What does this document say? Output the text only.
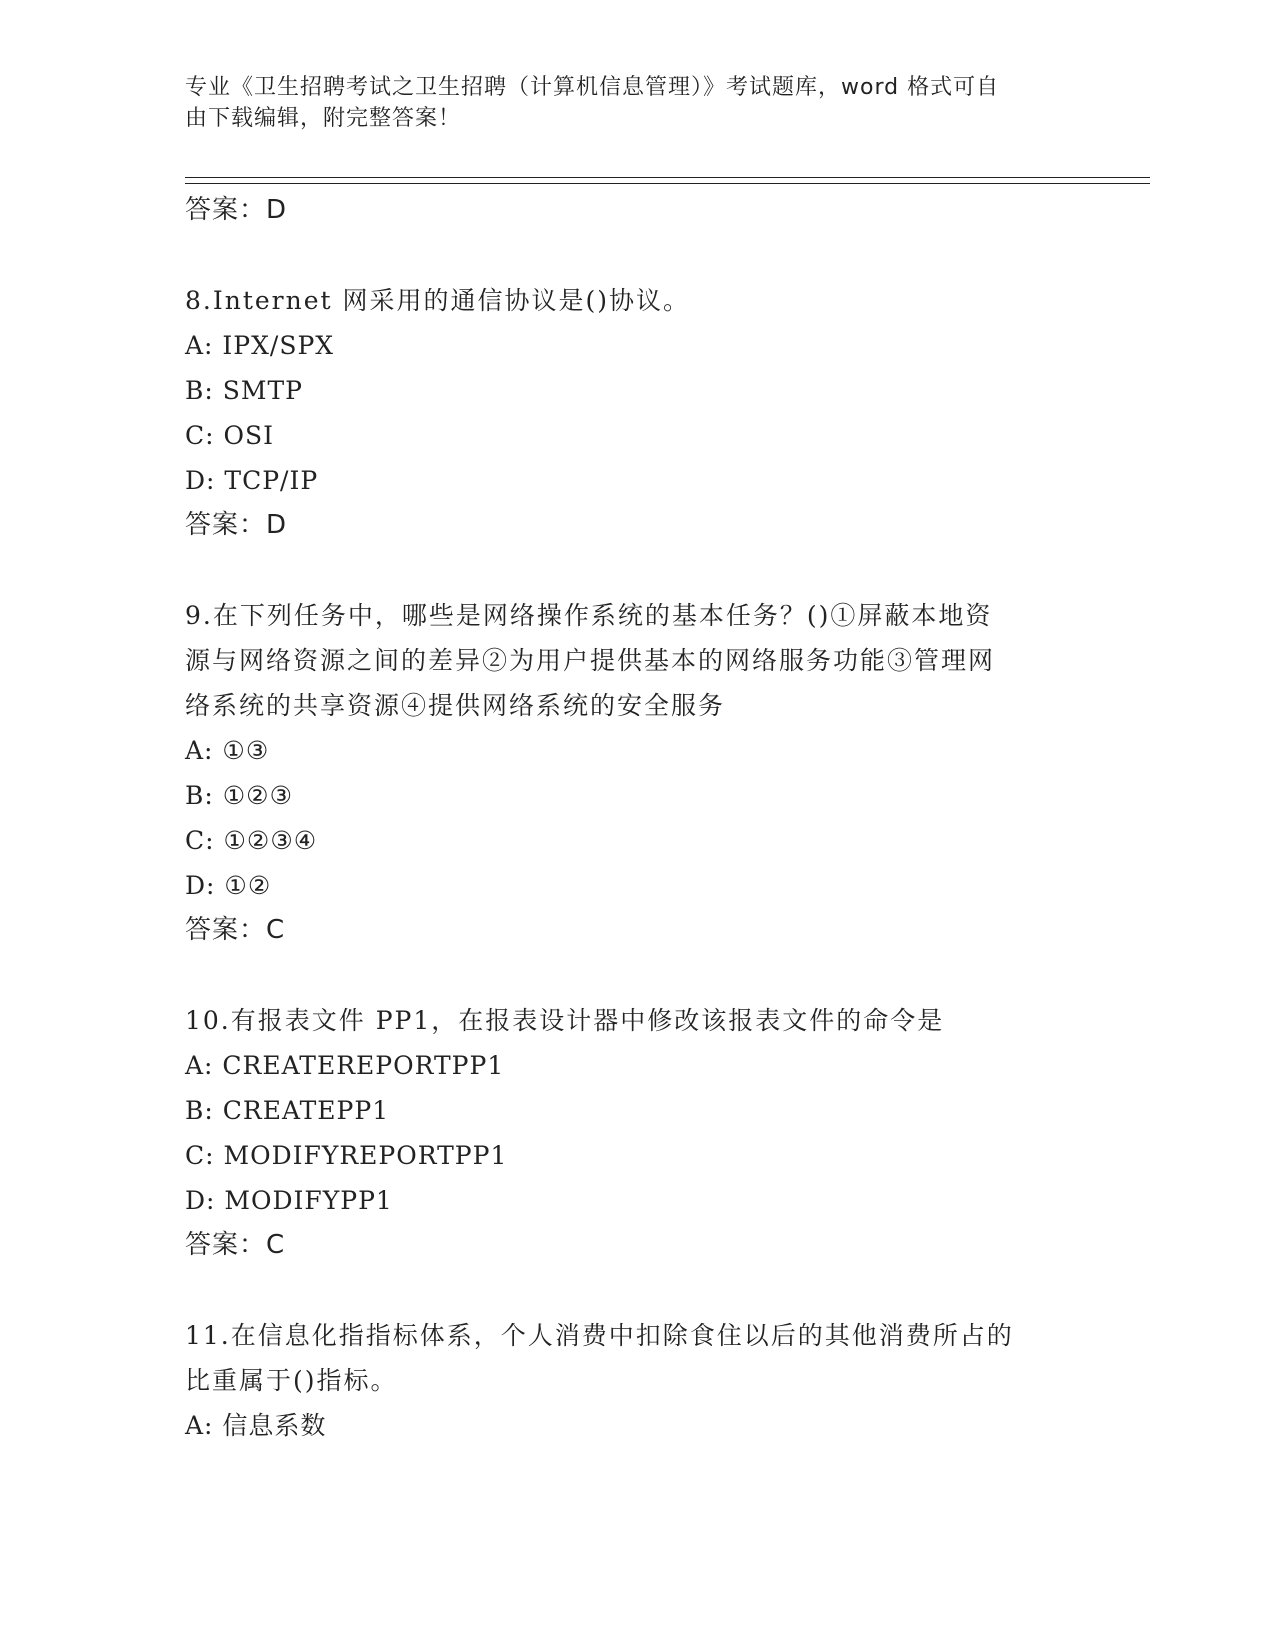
专业《卫生招聘考试之卫生招聘（计算机信息管理）》考试题库，word 格式可自
由下载编辑，附完整答案！
答案：D
8.Internet 网采用的通信协议是()协议。
A: IPX/SPX
B: SMTP
C: OSI
D: TCP/IP
答案：D
9.在下列任务中，哪些是网络操作系统的基本任务？()①屏蔽本地资
源与网络资源之间的差异②为用户提供基本的网络服务功能③管理网
络系统的共享资源④提供网络系统的安全服务
A: ①③
B: ①②③
C: ①②③④
D: ①②
答案：C
10.有报表文件 PP1，在报表设计器中修改该报表文件的命令是
A: CREATEREPORTPP1
B: CREATEPP1
C: MODIFYREPORTPP1
D: MODIFYPP1
答案：C
11.在信息化指指标体系，个人消费中扣除食住以后的其他消费所占的
比重属于()指标。
A: 信息系数
